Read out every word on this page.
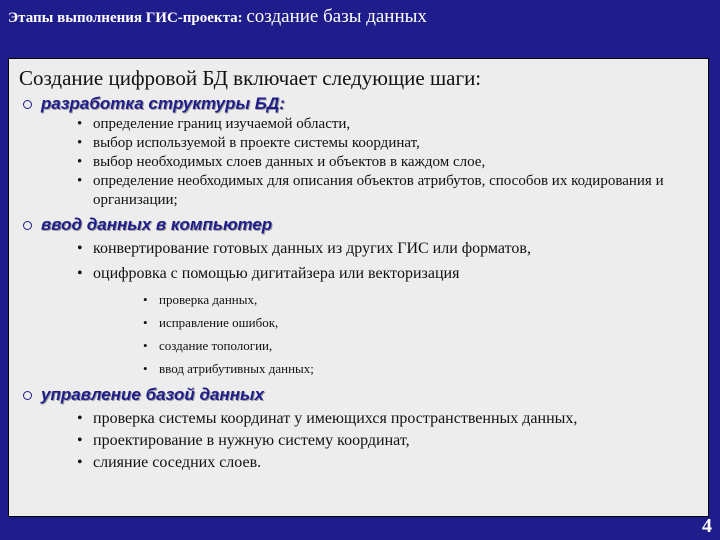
Этапы выполнения ГИС-проекта: создание базы данных
Создание цифровой БД включает следующие шаги:
разработка структуры БД:
• определение границ изучаемой области,
• выбор используемой в проекте системы координат,
• выбор необходимых слоев данных и объектов в каждом слое,
• определение необходимых для описания объектов атрибутов, способов их кодирования и организации;
ввод данных в компьютер
• конвертирование готовых данных из других ГИС или форматов,
• оцифровка с помощью дигитайзера или векторизация
• проверка данных,
• исправление ошибок,
• создание топологии,
• ввод атрибутивных данных;
управление базой данных
• проверка системы координат у имеющихся пространственных данных,
• проектирование в нужную систему координат,
• слияние соседних слоев.
4
